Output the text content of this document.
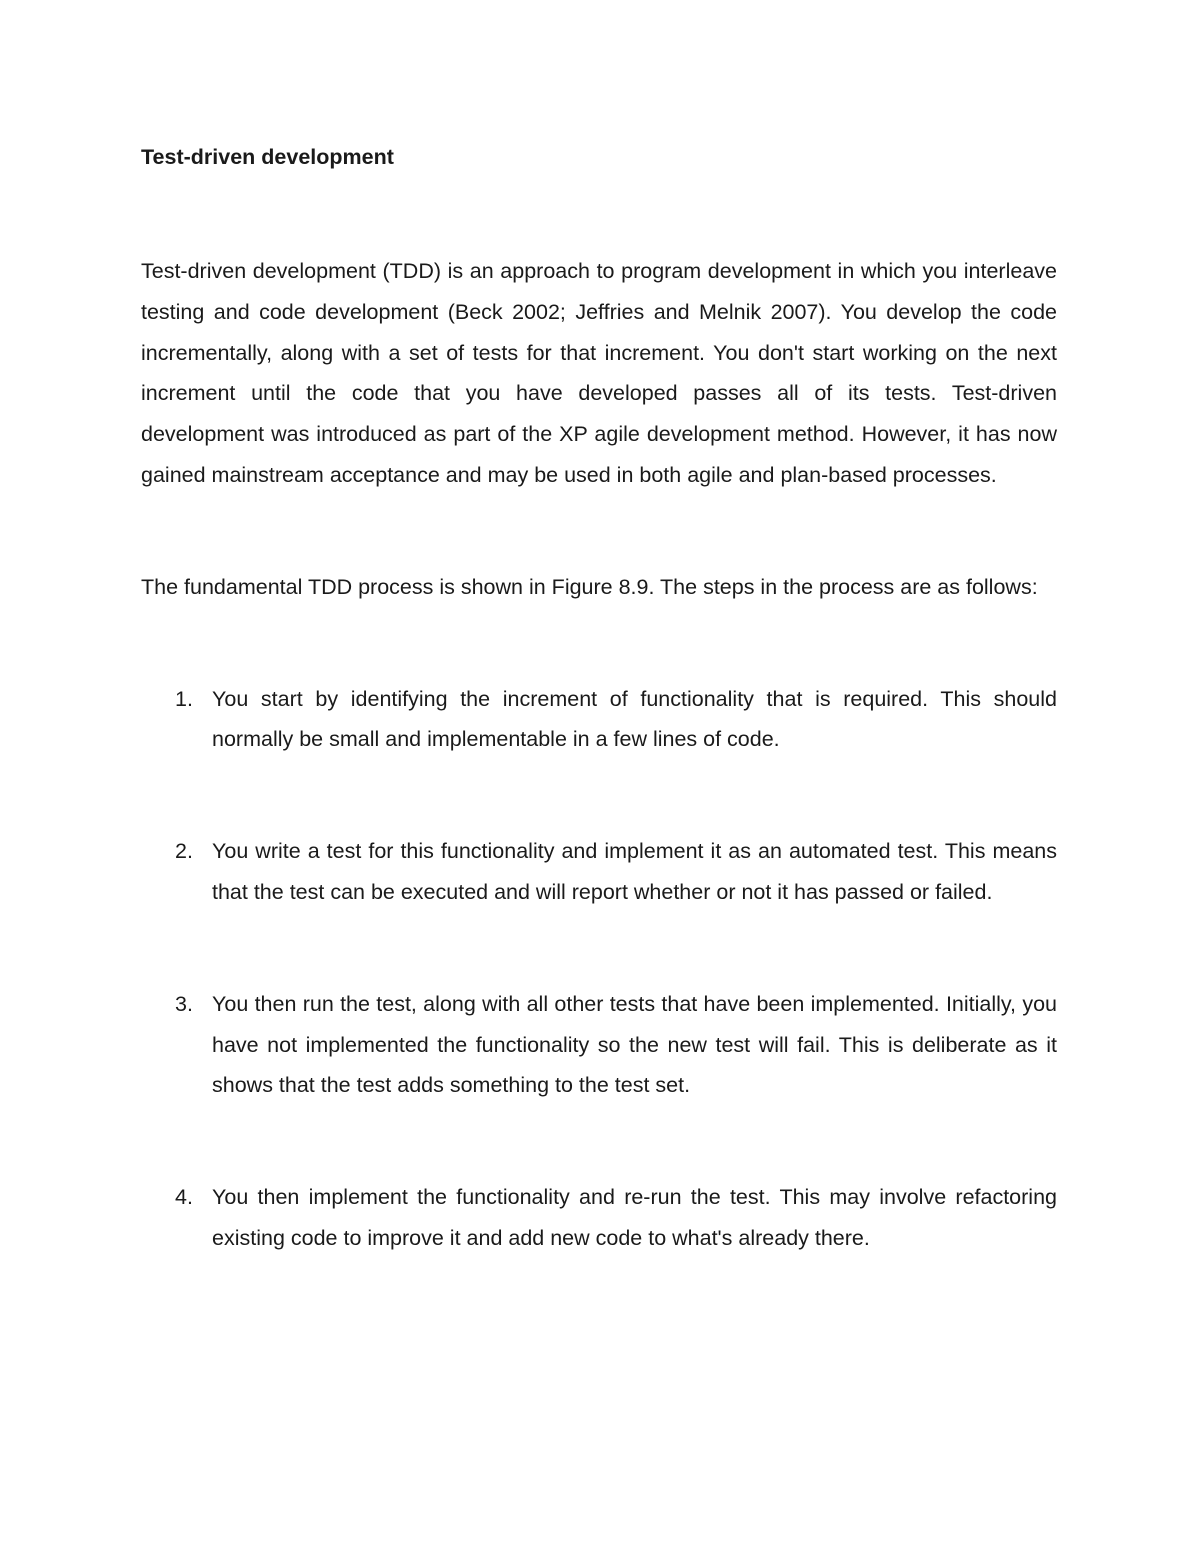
Test-driven development

Test-driven development (TDD) is an approach to program development in which you interleave testing and code development (Beck 2002; Jeffries and Melnik 2007). You develop the code incrementally, along with a set of tests for that increment. You don't start working on the next increment until the code that you have developed passes all of its tests. Test-driven development was introduced as part of the XP agile development method. However, it has now gained mainstream acceptance and may be used in both agile and plan-based processes.

The fundamental TDD process is shown in Figure 8.9. The steps in the process are as follows:

1. You start by identifying the increment of functionality that is required. This should normally be small and implementable in a few lines of code.
2. You write a test for this functionality and implement it as an automated test. This means that the test can be executed and will report whether or not it has passed or failed.
3. You then run the test, along with all other tests that have been implemented. Initially, you have not implemented the functionality so the new test will fail. This is deliberate as it shows that the test adds something to the test set.
4. You then implement the functionality and re-run the test. This may involve refactoring existing code to improve it and add new code to what's already there.
